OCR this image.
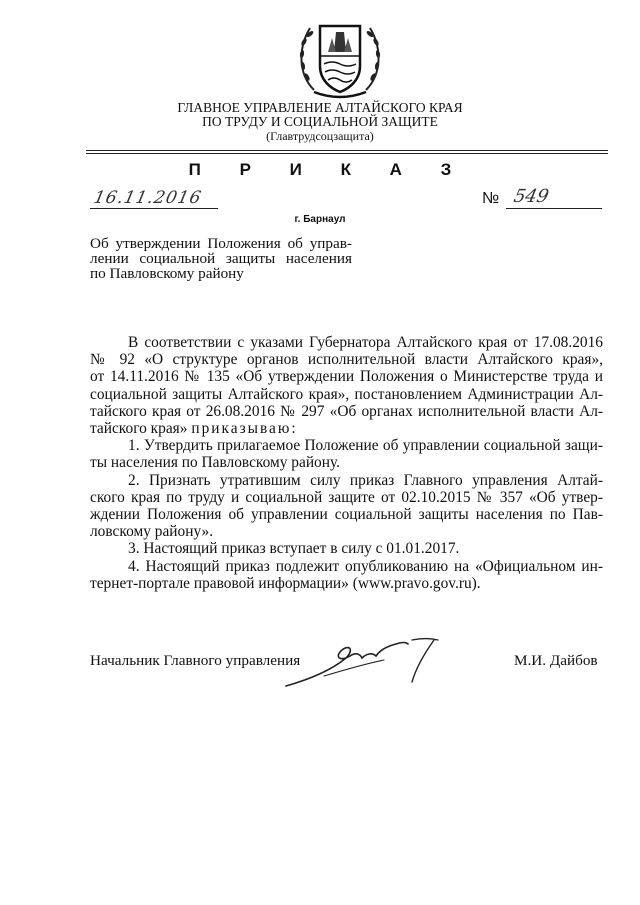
ГЛАВНОЕ УПРАВЛЕНИЕ АЛТАЙСКОГО КРАЯ
ПО ТРУДУ И СОЦИАЛЬНОЙ ЗАЩИТЕ
(Главтрудсоцзащита)
П Р И К А З
16.11.2016	№ 549
г. Барнаул
Об утверждении Положения об управ-
лении социальной защиты населения
по Павловскому району
В соответствии с указами Губернатора Алтайского края от 17.08.2016
№ 92 «О структуре органов исполнительной власти Алтайского края»,
от 14.11.2016 № 135 «Об утверждении Положения о Министерстве труда и
социальной защиты Алтайского края», постановлением Администрации Ал-
тайского края от 26.08.2016 № 297 «Об органах исполнительной власти Ал-
тайского края» приказываю:
1. Утвердить прилагаемое Положение об управлении социальной защи-
ты населения по Павловскому району.
2. Признать утратившим силу приказ Главного управления Алтай-
ского края по труду и социальной защите от 02.10.2015 № 357 «Об утвер-
ждении Положения об управлении социальной защиты населения по Пав-
ловскому району».
3. Настоящий приказ вступает в силу с 01.01.2017.
4. Настоящий приказ подлежит опубликованию на «Официальном ин-
тернет-портале правовой информации» (www.pravo.gov.ru).
Начальник Главного управления	М.И. Дайбов
